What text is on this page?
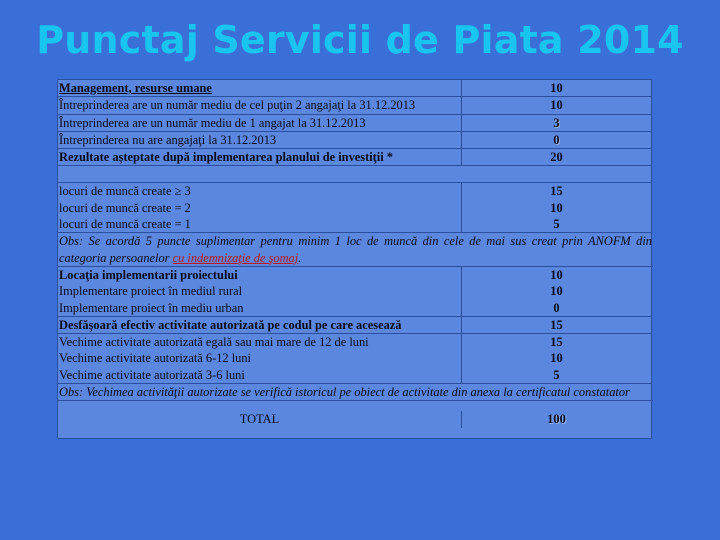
Punctaj Servicii de Piata 2014
Management, resurse umane	10
Întreprinderea are un număr mediu de cel puţin 2 angajaţi la 31.12.2013	10
Întreprinderea are un număr mediu de 1 angajat la 31.12.2013	3
Întreprinderea nu are angajaţi la 31.12.2013	0
Rezultate aşteptate după implementarea planului de investiţii *	20
locuri de muncă create ≥ 3	15
locuri de muncă create = 2	10
locuri de muncă create = 1	5
Obs: Se acordă 5 puncte suplimentar pentru minim 1 loc de muncă din cele de mai sus creat prin ANOFM din categoria persoanelor cu indemnizaţie de şomaj.
Locaţia implementarii proiectului	10
Implementare proiect în mediul rural	10
Implementare proiect în mediu urban	0
Desfăşoară efectiv activitate autorizată pe codul pe care acesează	15
Vechime activitate autorizată egală sau mai mare de 12 de luni	15
Vechime activitate autorizată 6-12 luni	10
Vechime activitate autorizată 3-6 luni	5
Obs: Vechimea activităţii autorizate se verifică istoricul pe obiect de activitate din anexa la certificatul constatator
TOTAL	100
